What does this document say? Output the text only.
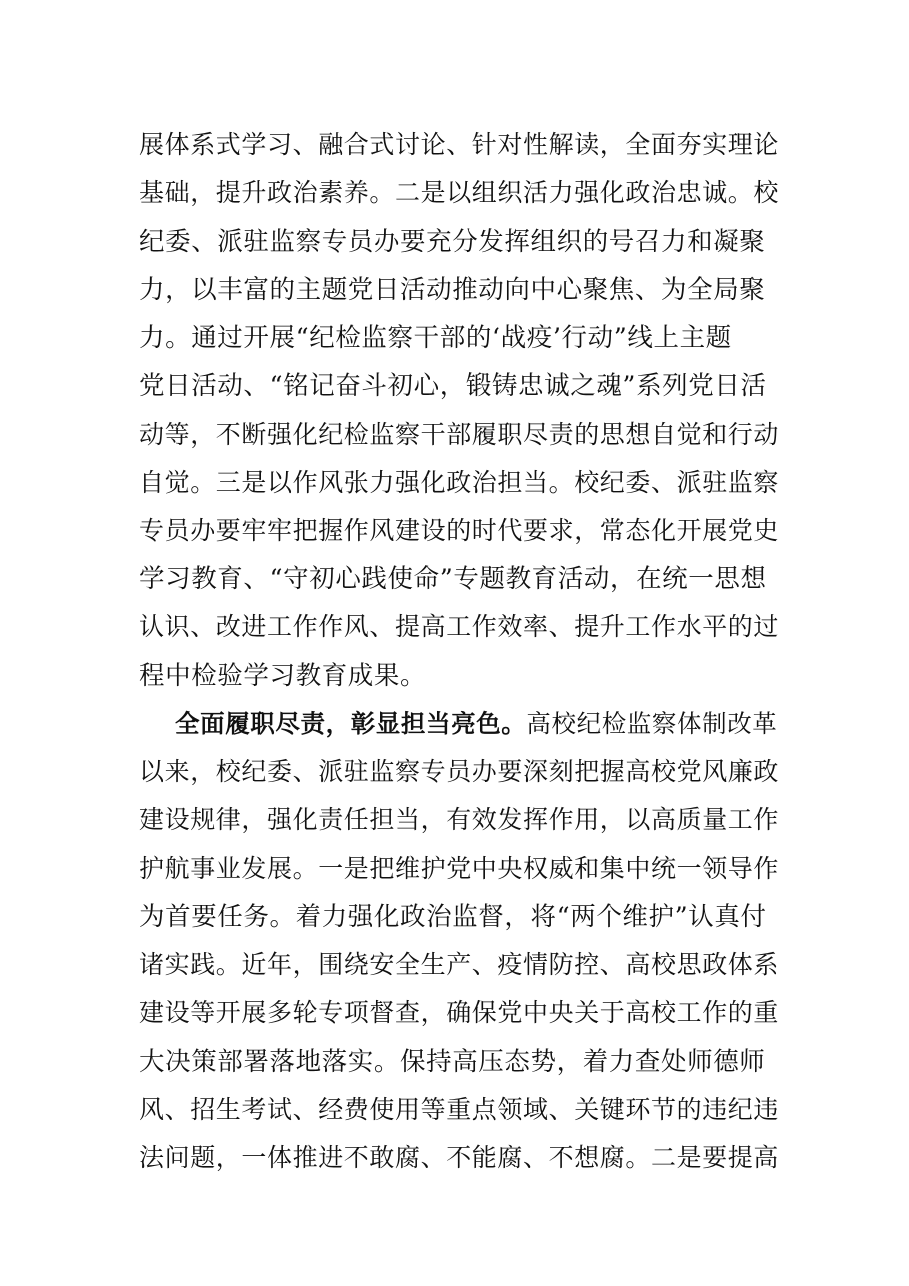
展体系式学习、融合式讨论、针对性解读，全面夯实理论
基础，提升政治素养。二是以组织活力强化政治忠诚。校
纪委、派驻监察专员办要充分发挥组织的号召力和凝聚
力，以丰富的主题党日活动推动向中心聚焦、为全局聚
力。通过开展“纪检监察干部的‘战疫’行动”线上主题
党日活动、“铭记奋斗初心，锻铸忠诚之魂”系列党日活
动等，不断强化纪检监察干部履职尽责的思想自觉和行动
自觉。三是以作风张力强化政治担当。校纪委、派驻监察
专员办要牢牢把握作风建设的时代要求，常态化开展党史
学习教育、“守初心践使命”专题教育活动，在统一思想
认识、改进工作作风、提高工作效率、提升工作水平的过
程中检验学习教育成果。
全面履职尽责，彰显担当亮色。高校纪检监察体制改革
以来，校纪委、派驻监察专员办要深刻把握高校党风廉政
建设规律，强化责任担当，有效发挥作用，以高质量工作
护航事业发展。一是把维护党中央权威和集中统一领导作
为首要任务。着力强化政治监督，将“两个维护”认真付
诸实践。近年，围绕安全生产、疫情防控、高校思政体系
建设等开展多轮专项督查，确保党中央关于高校工作的重
大决策部署落地落实。保持高压态势，着力查处师德师
风、招生考试、经费使用等重点领域、关键环节的违纪违
法问题，一体推进不敢腐、不能腐、不想腐。二是要提高
